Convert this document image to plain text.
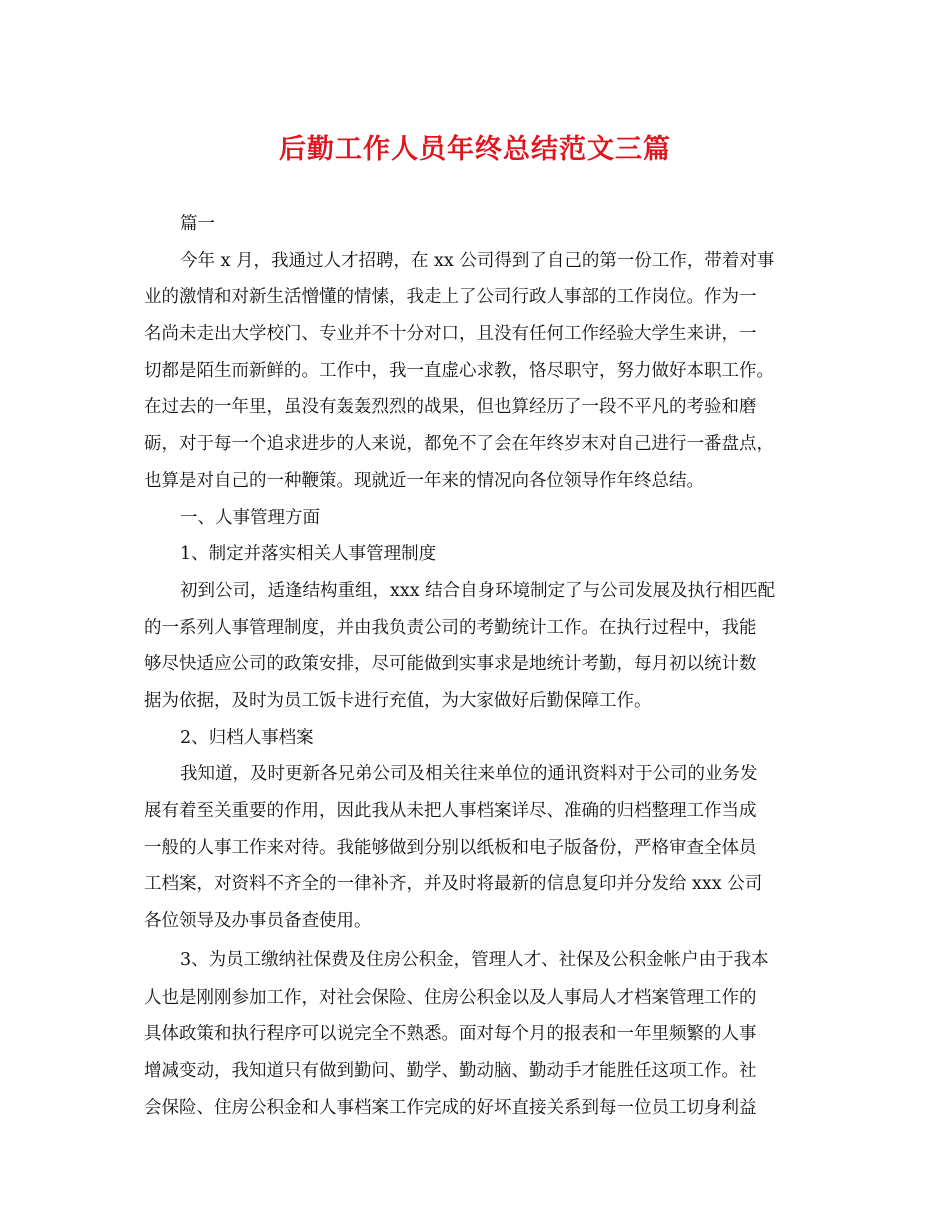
后勤工作人员年终总结范文三篇
篇一
今年 x 月，我通过人才招聘，在 xx 公司得到了自己的第一份工作，带着对事
业的激情和对新生活憎懂的情愫，我走上了公司行政人事部的工作岗位。作为一
名尚未走出大学校门、专业并不十分对口，且没有任何工作经验大学生来讲，一
切都是陌生而新鲜的。工作中，我一直虚心求教，恪尽职守，努力做好本职工作。
在过去的一年里，虽没有轰轰烈烈的战果，但也算经历了一段不平凡的考验和磨
砺，对于每一个追求进步的人来说，都免不了会在年终岁末对自己进行一番盘点，
也算是对自己的一种鞭策。现就近一年来的情况向各位领导作年终总结。
一、人事管理方面
1、制定并落实相关人事管理制度
初到公司，适逢结构重组，xxx 结合自身环境制定了与公司发展及执行相匹配
的一系列人事管理制度，并由我负责公司的考勤统计工作。在执行过程中，我能
够尽快适应公司的政策安排，尽可能做到实事求是地统计考勤，每月初以统计数
据为依据，及时为员工饭卡进行充值，为大家做好后勤保障工作。
2、归档人事档案
我知道，及时更新各兄弟公司及相关往来单位的通讯资料对于公司的业务发
展有着至关重要的作用，因此我从未把人事档案详尽、准确的归档整理工作当成
一般的人事工作来对待。我能够做到分别以纸板和电子版备份，严格审查全体员
工档案，对资料不齐全的一律补齐，并及时将最新的信息复印并分发给 xxx 公司
各位领导及办事员备查使用。
3、为员工缴纳社保费及住房公积金，管理人才、社保及公积金帐户由于我本
人也是刚刚参加工作，对社会保险、住房公积金以及人事局人才档案管理工作的
具体政策和执行程序可以说完全不熟悉。面对每个月的报表和一年里频繁的人事
增减变动，我知道只有做到勤问、勤学、勤动脑、勤动手才能胜任这项工作。社
会保险、住房公积金和人事档案工作完成的好坏直接关系到每一位员工切身利益
